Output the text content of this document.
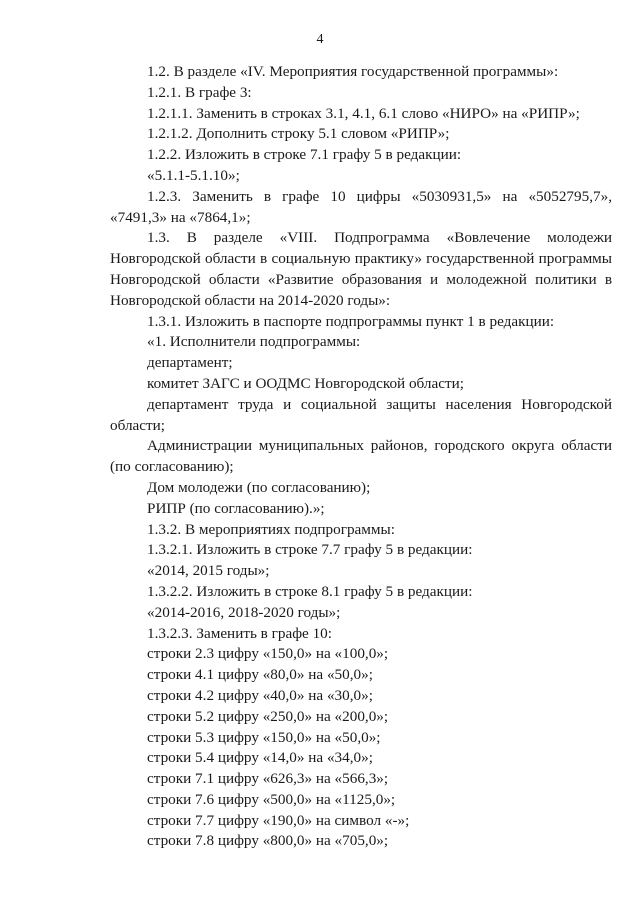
4

1.2. В разделе «IV. Мероприятия государственной программы»:

1.2.1. В графе 3:

1.2.1.1. Заменить в строках 3.1, 4.1, 6.1 слово «НИРО» на «РИПР»;

1.2.1.2. Дополнить строку 5.1 словом «РИПР»;

1.2.2. Изложить в строке 7.1 графу 5 в редакции:

«5.1.1-5.1.10»;

1.2.3. Заменить в графе 10 цифры «5030931,5» на «5052795,7», «7491,3» на «7864,1»;

1.3. В разделе «VIII. Подпрограмма «Вовлечение молодежи Новгородской области в социальную практику» государственной программы Новгородской области «Развитие образования и молодежной политики в Новгородской области на 2014-2020 годы»:

1.3.1. Изложить в паспорте подпрограммы пункт 1 в редакции:

«1. Исполнители подпрограммы:

департамент;

комитет ЗАГС и ООДМС Новгородской области;

департамент труда и социальной защиты населения Новгородской области;

Администрации муниципальных районов, городского округа области (по согласованию);

Дом молодежи (по согласованию);

РИПР (по согласованию).»;

1.3.2. В мероприятиях подпрограммы:

1.3.2.1. Изложить в строке 7.7 графу 5 в редакции:

«2014, 2015 годы»;

1.3.2.2. Изложить в строке 8.1 графу 5 в редакции:

«2014-2016, 2018-2020 годы»;

1.3.2.3. Заменить в графе 10:

строки 2.3 цифру «150,0» на «100,0»;

строки 4.1 цифру «80,0» на «50,0»;

строки 4.2 цифру «40,0» на «30,0»;

строки 5.2 цифру «250,0» на «200,0»;

строки 5.3 цифру «150,0» на «50,0»;

строки 5.4 цифру «14,0» на «34,0»;

строки 7.1 цифру «626,3» на «566,3»;

строки 7.6 цифру «500,0» на «1125,0»;

строки 7.7 цифру «190,0» на символ «-»;

строки 7.8 цифру «800,0» на «705,0»;
